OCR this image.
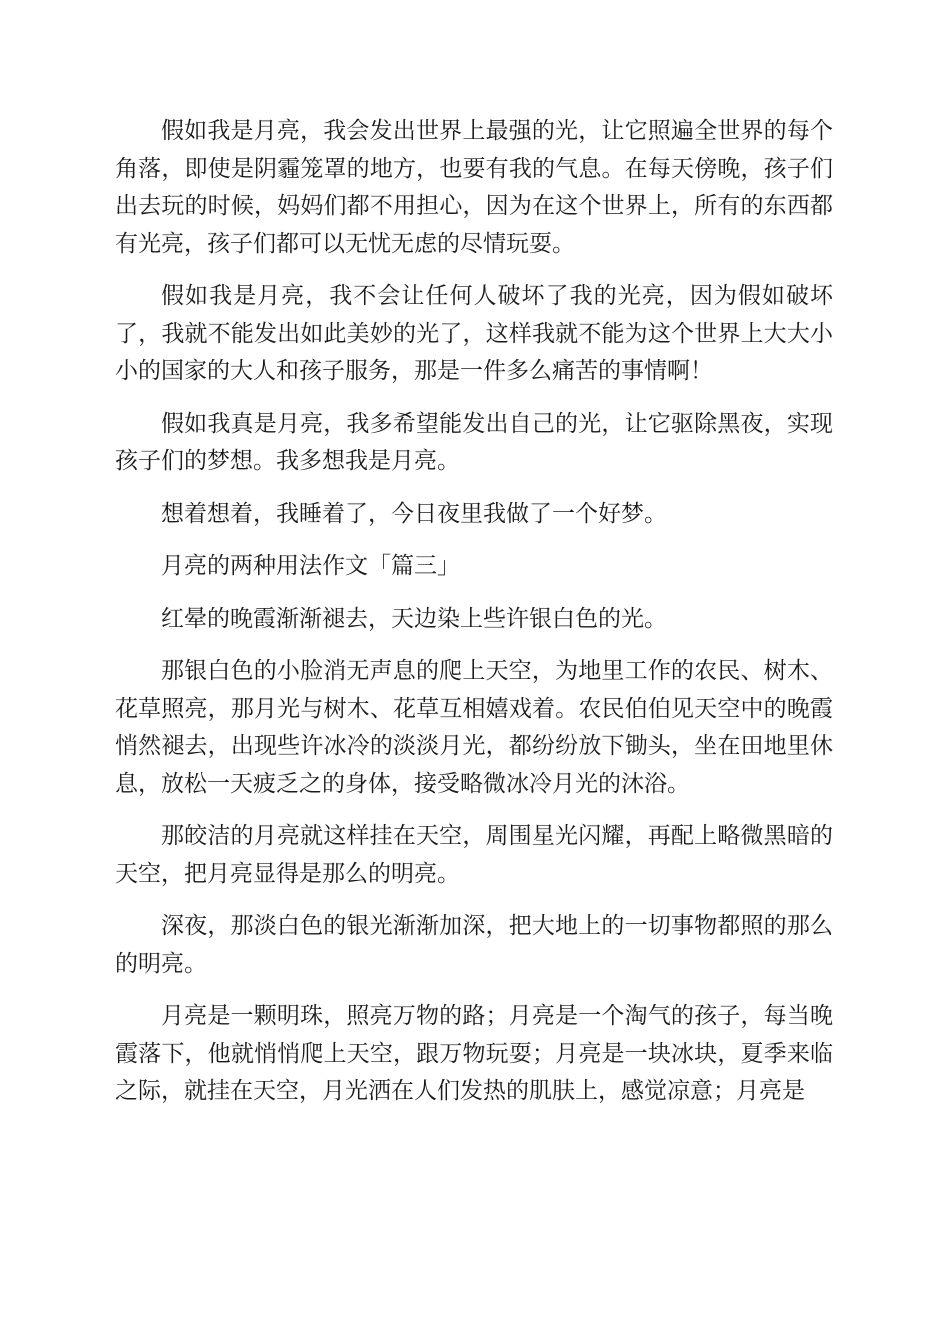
假如我是月亮，我会发出世界上最强的光，让它照遍全世界的每个角落，即使是阴霾笼罩的地方，也要有我的气息。在每天傍晚，孩子们出去玩的时候，妈妈们都不用担心，因为在这个世界上，所有的东西都有光亮，孩子们都可以无忧无虑的尽情玩耍。

假如我是月亮，我不会让任何人破坏了我的光亮，因为假如破坏了，我就不能发出如此美妙的光了，这样我就不能为这个世界上大大小小的国家的大人和孩子服务，那是一件多么痛苦的事情啊！

假如我真是月亮，我多希望能发出自己的光，让它驱除黑夜，实现孩子们的梦想。我多想我是月亮。

想着想着，我睡着了，今日夜里我做了一个好梦。

月亮的两种用法作文「篇三」

红晕的晚霞渐渐褪去，天边染上些许银白色的光。

那银白色的小脸消无声息的爬上天空，为地里工作的农民、树木、花草照亮，那月光与树木、花草互相嬉戏着。农民伯伯见天空中的晚霞悄然褪去，出现些许冰冷的淡淡月光，都纷纷放下锄头，坐在田地里休息，放松一天疲乏之的身体，接受略微冰冷月光的沐浴。

那皎洁的月亮就这样挂在天空，周围星光闪耀，再配上略微黑暗的天空，把月亮显得是那么的明亮。

深夜，那淡白色的银光渐渐加深，把大地上的一切事物都照的那么的明亮。

月亮是一颗明珠，照亮万物的路；月亮是一个淘气的孩子，每当晚霞落下，他就悄悄爬上天空，跟万物玩耍；月亮是一块冰块，夏季来临之际，就挂在天空，月光洒在人们发热的肌肤上，感觉凉意；月亮是
